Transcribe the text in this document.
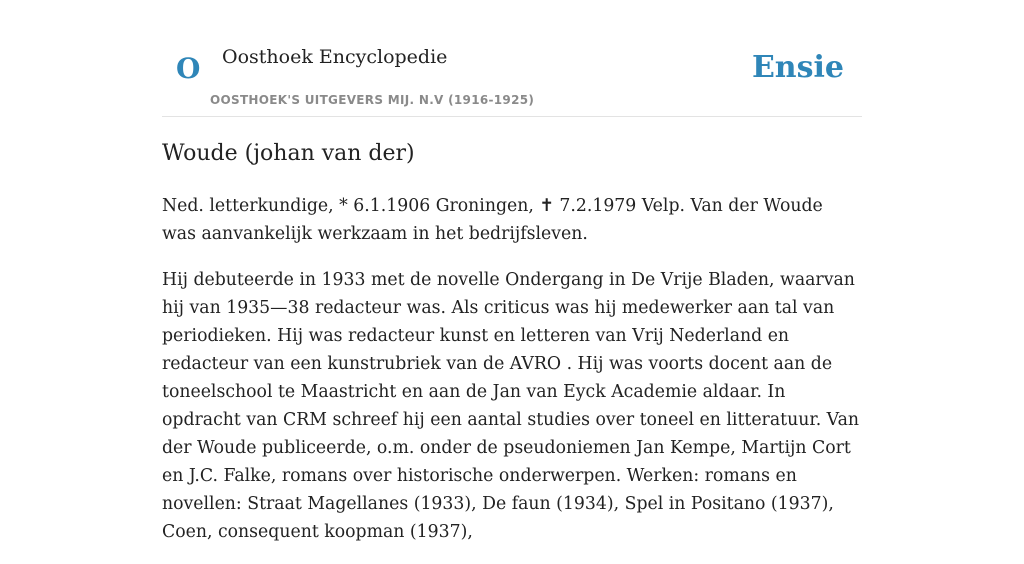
O Oosthoek Encyclopedie
OOSTHOEK'S UITGEVERS MIJ. N.V (1916-1925)
Ensie
Woude (johan van der)

Ned. letterkundige, * 6.1.1906 Groningen, ✝ 7.2.1979 Velp. Van der Woude was aanvankelijk werkzaam in het bedrijfsleven.

Hij debuteerde in 1933 met de novelle Ondergang in De Vrije Bladen, waarvan hij van 1935—38 redacteur was. Als criticus was hij medewerker aan tal van periodieken. Hij was redacteur kunst en letteren van Vrij Nederland en redacteur van een kunstrubriek van de AVRO . Hij was voorts docent aan de toneelschool te Maastricht en aan de Jan van Eyck Academie aldaar. In opdracht van CRM schreef hij een aantal studies over toneel en litteratuur. Van der Woude publiceerde, o.m. onder de pseudoniemen Jan Kempe, Martijn Cort en J.C. Falke, romans over historische onderwerpen. Werken: romans en novellen: Straat Magellanes (1933), De faun (1934), Spel in Positano (1937), Coen, consequent koopman (1937),
